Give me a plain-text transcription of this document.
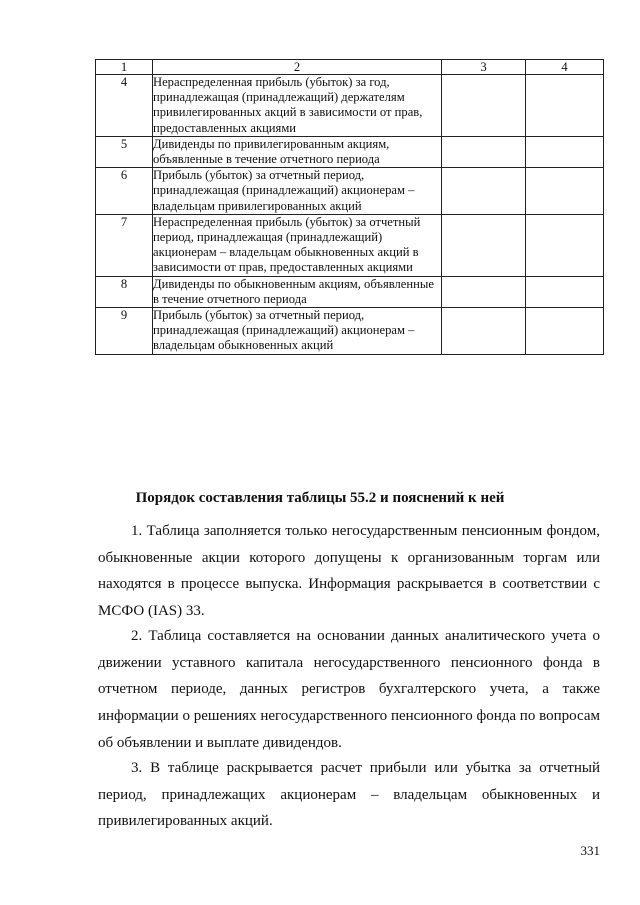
1	2	3	4
4	Нераспределенная прибыль (убыток) за год, принадлежащая (принадлежащий) держателям привилегированных акций в зависимости от прав, предоставленных акциями		
5	Дивиденды по привилегированным акциям, объявленные в течение отчетного периода		
6	Прибыль (убыток) за отчетный период, принадлежащая (принадлежащий) акционерам – владельцам привилегированных акций		
7	Нераспределенная прибыль (убыток) за отчетный период, принадлежащая (принадлежащий) акционерам – владельцам обыкновенных акций в зависимости от прав, предоставленных акциями		
8	Дивиденды по обыкновенным акциям, объявленные в течение отчетного периода		
9	Прибыль (убыток) за отчетный период, принадлежащая (принадлежащий) акционерам – владельцам обыкновенных акций		
Порядок составления таблицы 55.2 и пояснений к ней

1. Таблица заполняется только негосударственным пенсионным фондом, обыкновенные акции которого допущены к организованным торгам или находятся в процессе выпуска. Информация раскрывается в соответствии с МСФО (IAS) 33.

2. Таблица составляется на основании данных аналитического учета о движении уставного капитала негосударственного пенсионного фонда в отчетном периоде, данных регистров бухгалтерского учета, а также информации о решениях негосударственного пенсионного фонда по вопросам об объявлении и выплате дивидендов.

3. В таблице раскрывается расчет прибыли или убытка за отчетный период, принадлежащих акционерам – владельцам обыкновенных и привилегированных акций.

331
